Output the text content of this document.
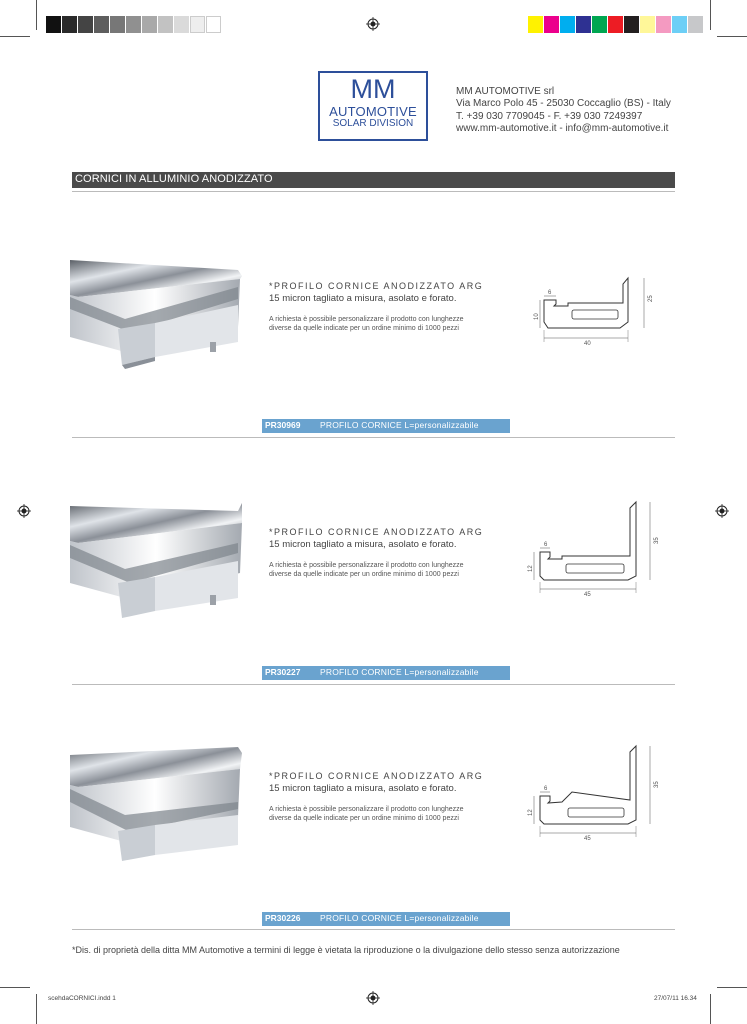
MM
AUTOMOTIVE
SOLAR DIVISION
MM AUTOMOTIVE srl
Via Marco Polo 45 - 25030 Coccaglio (BS) - Italy
T. +39 030 7709045 - F. +39 030 7249397
www.mm-automotive.it - info@mm-automotive.it
CORNICI IN ALLUMINIO ANODIZZATO
*PROFILO CORNICE ANODIZZATO ARG
15 micron tagliato a misura, asolato e forato.
A richiesta è possibile personalizzare il prodotto con lunghezze
diverse da quelle indicate per un ordine minimo di 1000 pezzi
40
6
10
25
PR30969 PROFILO CORNICE L=personalizzabile
*PROFILO CORNICE ANODIZZATO ARG
15 micron tagliato a misura, asolato e forato.
A richiesta è possibile personalizzare il prodotto con lunghezze
diverse da quelle indicate per un ordine minimo di 1000 pezzi
45
6
12
35
PR30227 PROFILO CORNICE L=personalizzabile
*PROFILO CORNICE ANODIZZATO ARG
15 micron tagliato a misura, asolato e forato.
A richiesta è possibile personalizzare il prodotto con lunghezze
diverse da quelle indicate per un ordine minimo di 1000 pezzi
45
6
12
35
PR30226 PROFILO CORNICE L=personalizzabile
*Dis. di proprietà della ditta MM Automotive a termini di legge è vietata la riproduzione o la divulgazione dello stesso senza autorizzazione
scehdaCORNICI.indd 1	27/07/11 16.34
